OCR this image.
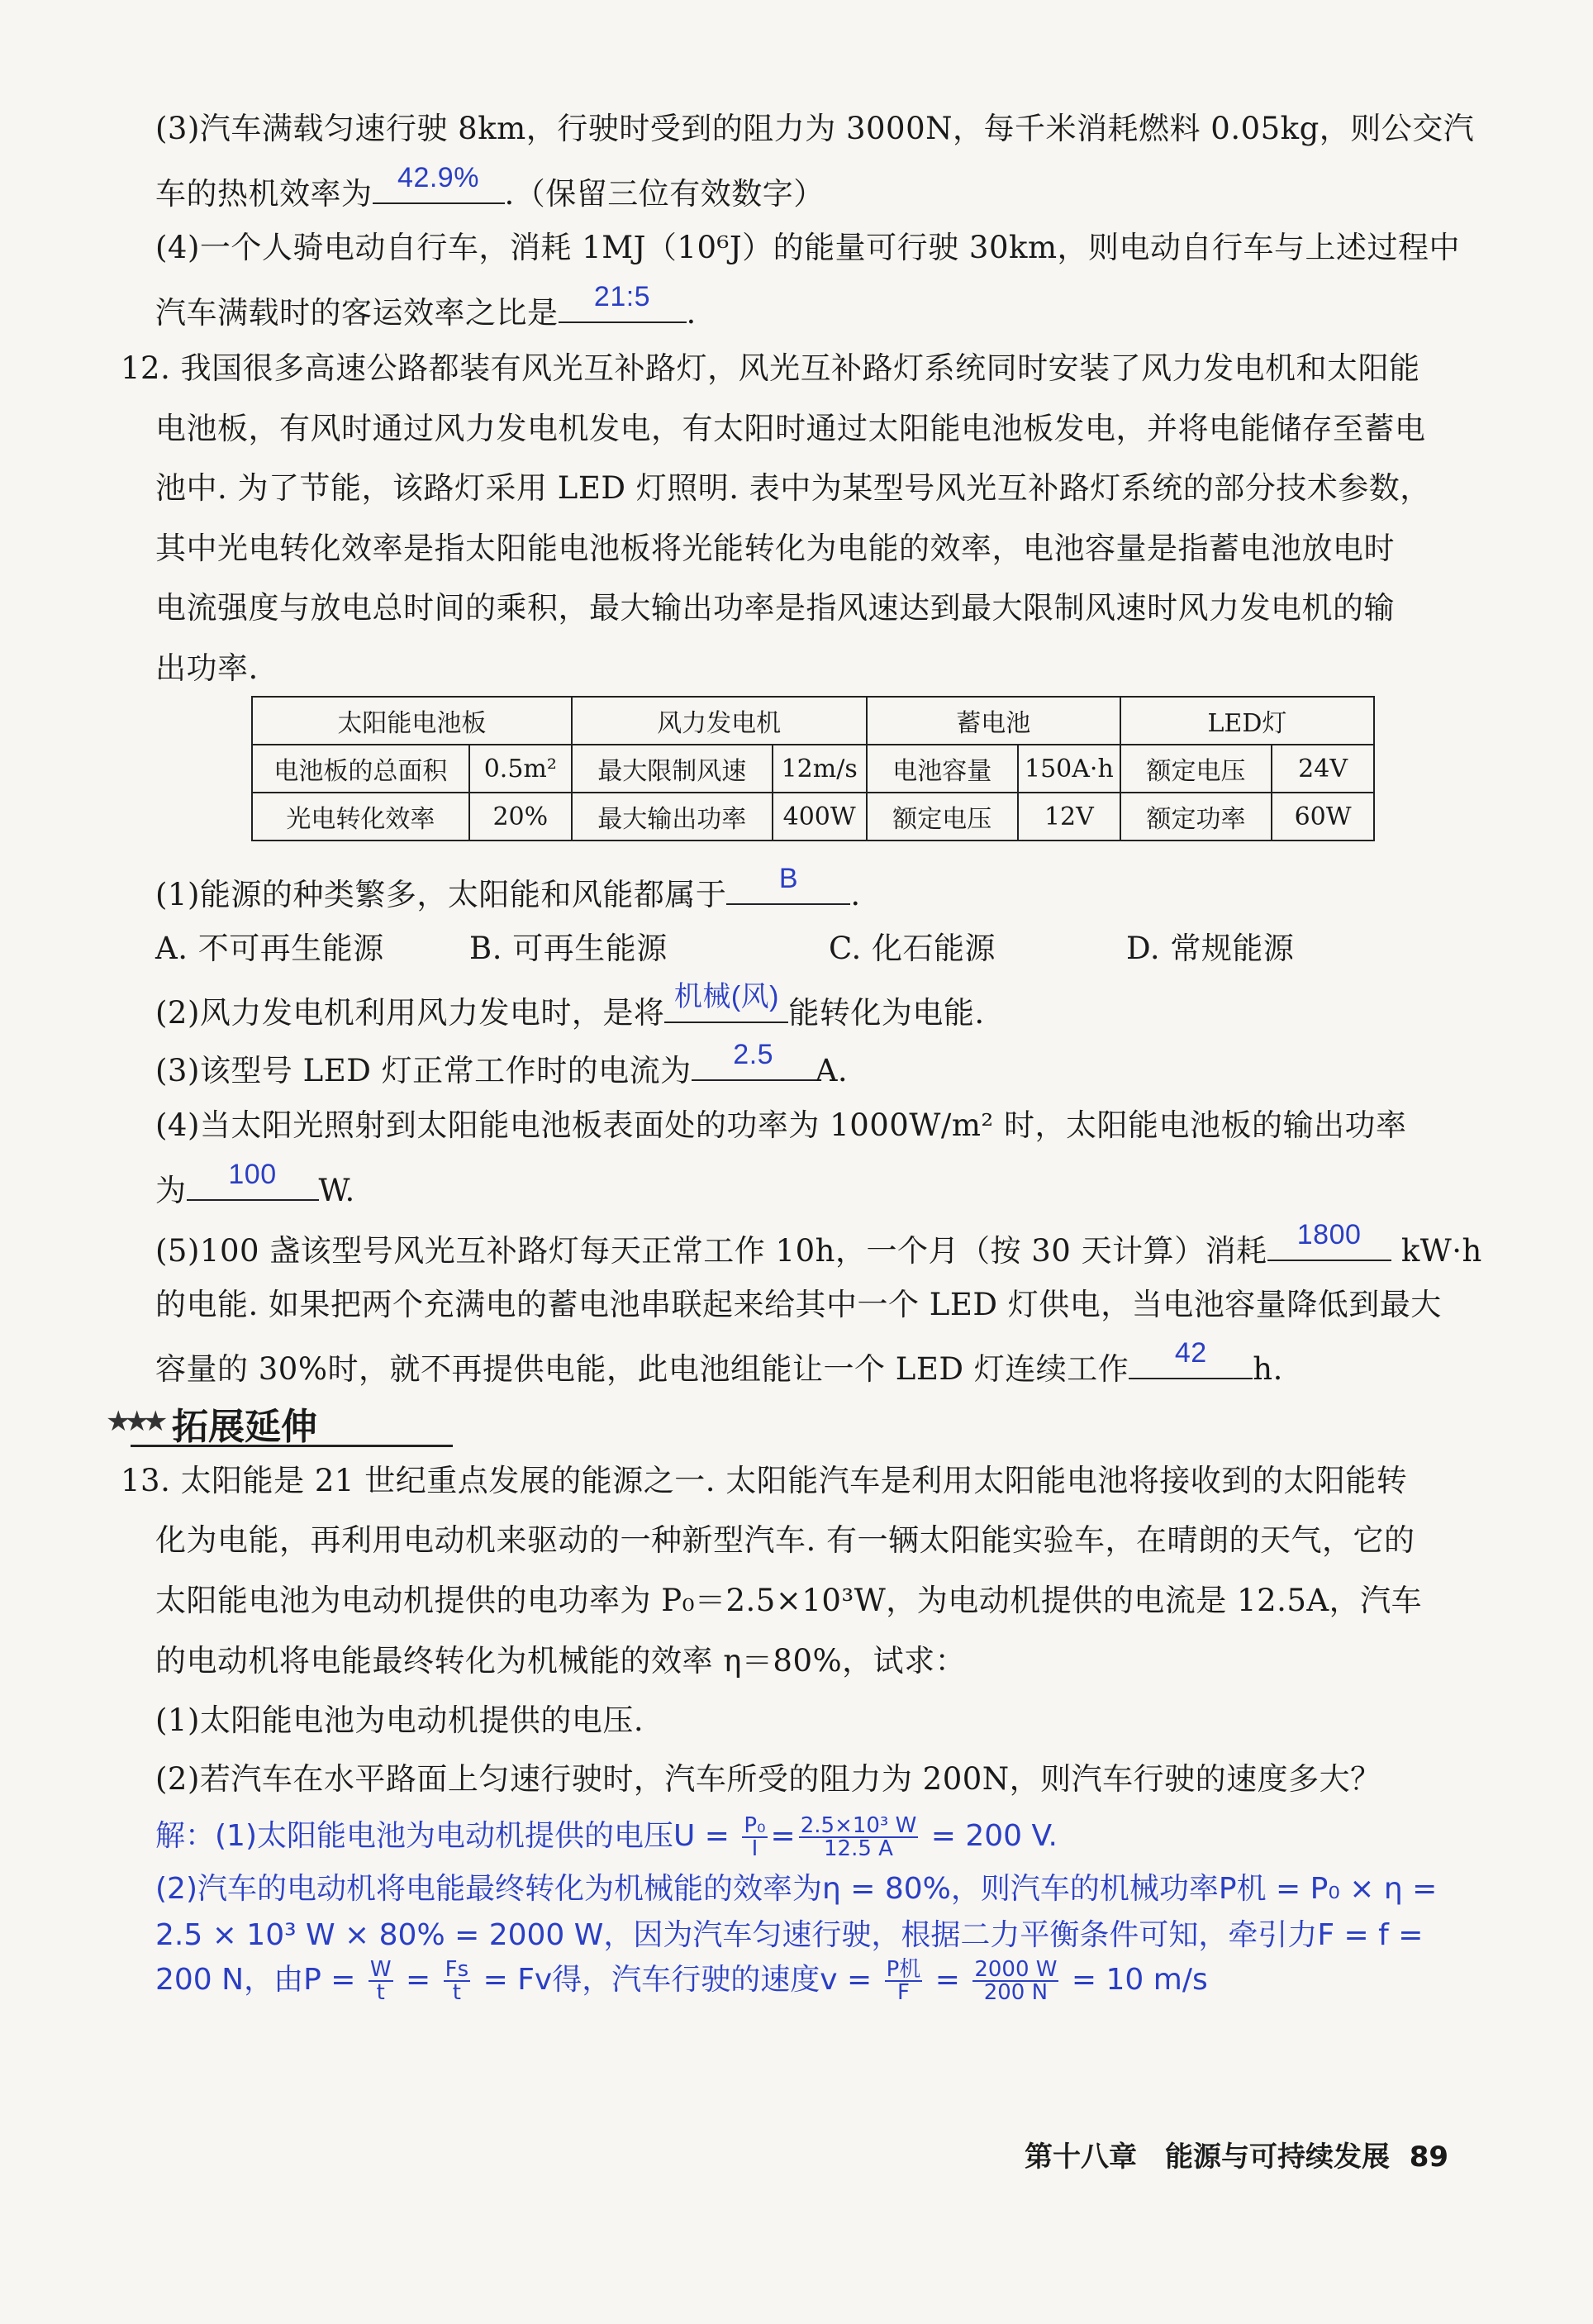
(3)汽车满载匀速行驶 8km，行驶时受到的阻力为 3000N，每千米消耗燃料 0.05kg，则公交汽
车的热机效率为 42.9% .（保留三位有效数字）
(4)一个人骑电动自行车，消耗 1MJ（10⁶J）的能量可行驶 30km，则电动自行车与上述过程中
汽车满载时的客运效率之比是	21:5	.
12. 我国很多高速公路都装有风光互补路灯，风光互补路灯系统同时安装了风力发电机和太阳能
电池板，有风时通过风力发电机发电，有太阳时通过太阳能电池板发电，并将电能储存至蓄电
池中. 为了节能，该路灯采用 LED 灯照明. 表中为某型号风光互补路灯系统的部分技术参数，
其中光电转化效率是指太阳能电池板将光能转化为电能的效率，电池容量是指蓄电池放电时
电流强度与放电总时间的乘积，最大输出功率是指风速达到最大限制风速时风力发电机的输
出功率.
太阳能电池板		风力发电机		蓄电池		LED灯	
电池板的总面积	0.5m²	最大限制风速	12m/s	电池容量	150A·h	额定电压	24V
光电转化效率	20%	最大输出功率	400W	额定电压	12V	额定功率	60W
(1)能源的种类繁多，太阳能和风能都属于	B	.
A. 不可再生能源	B. 可再生能源	C. 化石能源	D. 常规能源
(2)风力发电机利用风力发电时，是将 机械(风) 能转化为电能.
(3)该型号 LED 灯正常工作时的电流为	2.5	A.
(4)当太阳光照射到太阳能电池板表面处的功率为 1000W/m² 时，太阳能电池板的输出功率
为	100	W.
(5)100 盏该型号风光互补路灯每天正常工作 10h，一个月（按 30 天计算）消耗	1800	kW·h
的电能. 如果把两个充满电的蓄电池串联起来给其中一个 LED 灯供电，当电池容量降低到最大
容量的 30%时，就不再提供电能，此电池组能让一个 LED 灯连续工作	42	h.
★★★ 拓展延伸
13. 太阳能是 21 世纪重点发展的能源之一. 太阳能汽车是利用太阳能电池将接收到的太阳能转
化为电能，再利用电动机来驱动的一种新型汽车. 有一辆太阳能实验车，在晴朗的天气，它的
太阳能电池为电动机提供的电功率为 P₀＝2.5×10³W，为电动机提供的电流是 12.5A，汽车
的电动机将电能最终转化为机械能的效率 η＝80%，试求：
(1)太阳能电池为电动机提供的电压.
(2)若汽车在水平路面上匀速行驶时，汽车所受的阻力为 200N，则汽车行驶的速度多大？
解：(1)太阳能电池为电动机提供的电压$U = \frac{\text{P₀}}{I} = \frac{\text{2.5×10³ W}}{12.5 A} = 200$ V.
(2)汽车的电动机将电能最终转化为机械能的效率为η = 80%，则汽车的机械功率P机 = P₀ × η =
2.5 × 10³ W × 80% = 2000 W，因为汽车匀速行驶，根据二力平衡条件可知，牵引力F = f =
200 N，由$P = \frac{W}{t} = \frac{Fs}{t} = Fv$得，汽车行驶的速度$v = \frac{\text{P机}}{F} = \frac{2000 W}{200 N} = 10$ m/s
第十八章　能源与可持续发展 89
